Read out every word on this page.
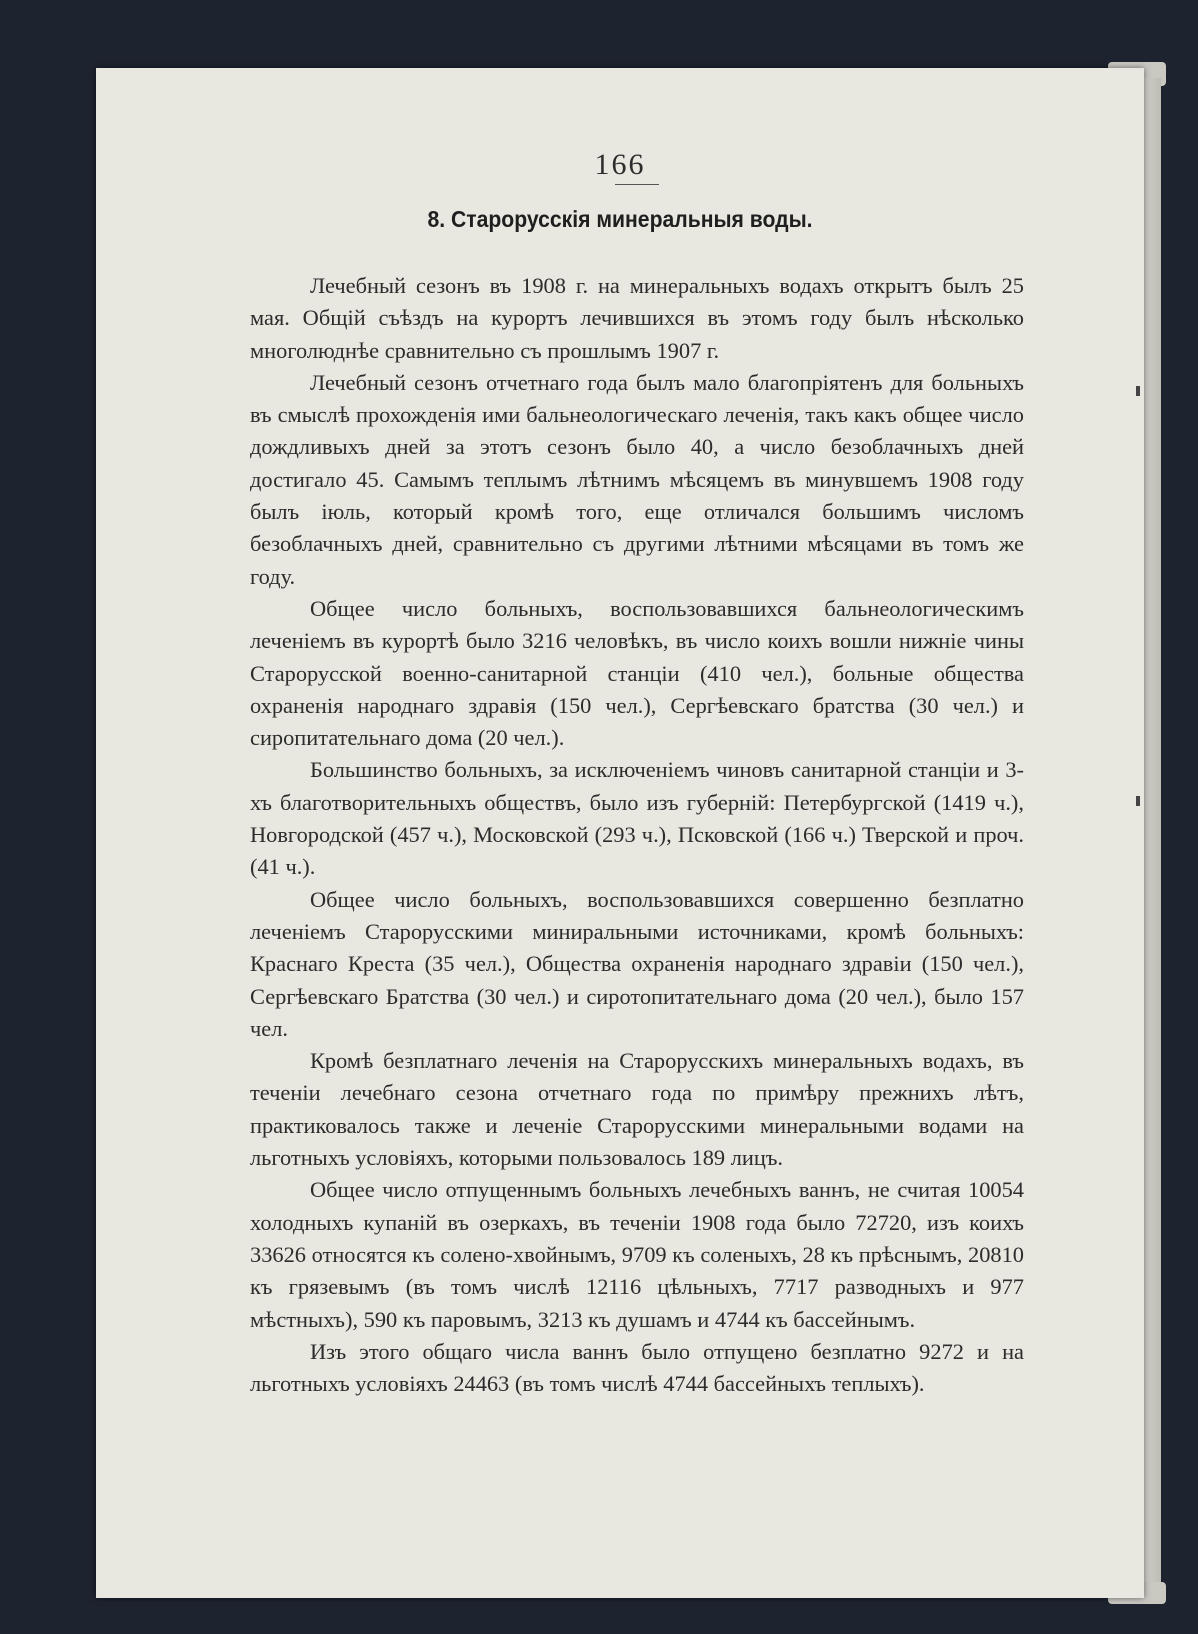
166
8. Старорусскія минеральныя воды.

Лечебный сезонъ въ 1908 г. на минеральныхъ водахъ открытъ былъ 25 мая. Общій съѣздъ на курортъ лечившихся въ этомъ году былъ нѣсколько многолюднѣе сравнительно съ прошлымъ 1907 г.

Лечебный сезонъ отчетнаго года былъ мало благопріятенъ для больныхъ въ смыслѣ прохожденія ими бальнеологическаго леченія, такъ какъ общее число дождливыхъ дней за этотъ сезонъ было 40, а число безоблачныхъ дней достигало 45. Самымъ теплымъ лѣтнимъ мѣсяцемъ въ минувшемъ 1908 году былъ іюль, который кромѣ того, еще отличался большимъ числомъ безоблачныхъ дней, сравнительно съ другими лѣтними мѣсяцами въ томъ же году.

Общее число больныхъ, воспользовавшихся бальнеологическимъ леченіемъ въ курортѣ было 3216 человѣкъ, въ число коихъ вошли нижніе чины Старорусской военно-санитарной станціи (410 чел.), больные общества охраненія народнаго здравія (150 чел.), Сергѣевскаго братства (30 чел.) и сиропитательнаго дома (20 чел.).

Большинство больныхъ, за исключеніемъ чиновъ санитарной станціи и 3-хъ благотворительныхъ обществъ, было изъ губерній: Петербургской (1419 ч.), Новгородской (457 ч.), Московской (293 ч.), Псковской (166 ч.) Тверской и проч. (41 ч.).

Общее число больныхъ, воспользовавшихся совершенно безплатно леченіемъ Старорусскими миниральными источниками, кромѣ больныхъ: Краснаго Креста (35 чел.), Общества охраненія народнаго здравіи (150 чел.), Сергѣевскаго Братства (30 чел.) и сиротопитательнаго дома (20 чел.), было 157 чел.

Кромѣ безплатнаго леченія на Старорусскихъ минеральныхъ водахъ, въ теченіи лечебнаго сезона отчетнаго года по примѣру прежнихъ лѣтъ, практиковалось также и леченіе Старорусскими минеральными водами на льготныхъ условіяхъ, которыми пользовалось 189 лицъ.

Общее число отпущеннымъ больныхъ лечебныхъ ваннъ, не считая 10054 холодныхъ купаній въ озеркахъ, въ теченіи 1908 года было 72720, изъ коихъ 33626 относятся къ солено-хвойнымъ, 9709 къ соленыхъ, 28 къ прѣснымъ, 20810 къ грязевымъ (въ томъ числѣ 12116 цѣльныхъ, 7717 разводныхъ и 977 мѣстныхъ), 590 къ паровымъ, 3213 къ душамъ и 4744 къ бассейнымъ.

Изъ этого общаго числа ваннъ было отпущено безплатно 9272 и на льготныхъ условіяхъ 24463 (въ томъ числѣ 4744 бассейныхъ теплыхъ).
